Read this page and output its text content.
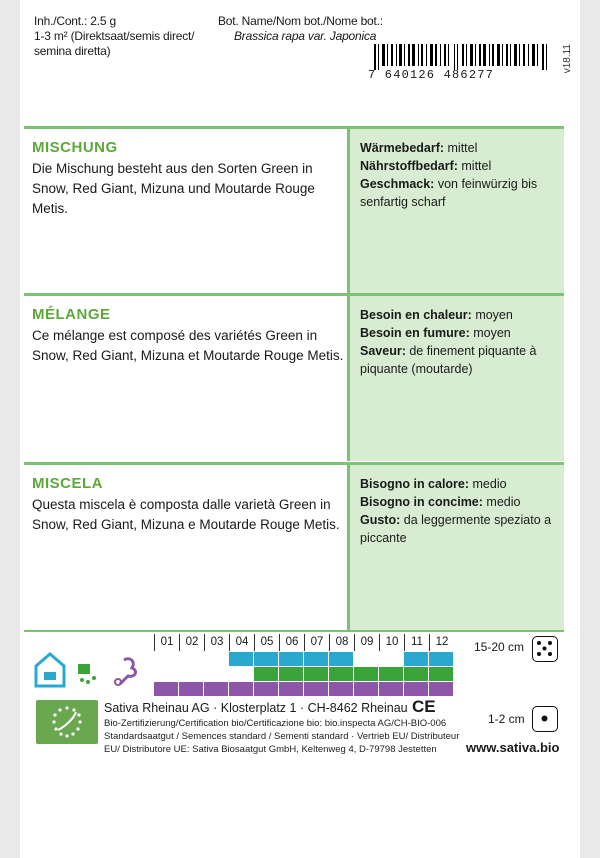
Inh./Cont.: 2.5 g
1-3 m² (Direktsaat/semis direct/
semina diretta)
Bot. Name/Nom bot./Nome bot.:
Brassica rapa var. Japonica
7 640126 486277
v18.11
MISCHUNG
Die Mischung besteht aus den Sorten Green in Snow, Red Giant, Mizuna und Moutarde Rouge Metis.
Wärmebedarf: mittel
Nährstoffbedarf: mittel
Geschmack: von feinwürzig bis senfartig scharf
MÉLANGE
Ce mélange est composé des variétés Green in Snow, Red Giant, Mizuna et Moutarde Rouge Metis.
Besoin en chaleur: moyen
Besoin en fumure: moyen
Saveur: de finement piquante à piquante (moutarde)
MISCELA
Questa miscela è composta dalle varietà Green in Snow, Red Giant, Mizuna e Moutarde Rouge Metis.
Bisogno in calore: medio
Bisogno in concime: medio
Gusto: da leggermente speziato a piccante
01	02	03	04	05	06	07	08	09	10	11	12	15-20 cm
1-2 cm
Sativa Rheinau AG · Klosterplatz 1 · CH-8462 Rheinau CE
Bio-Zertifizierung/Certification bio/Certificazione bio: bio.inspecta AG/CH-BIO-006 Standardsaatgut / Semences standard / Sementi standard · Vertrieb EU/ Distributeur EU/ Distributore UE: Sativa Biosaatgut GmbH, Keltenweg 4, D-79798 Jestetten	www.sativa.bio
